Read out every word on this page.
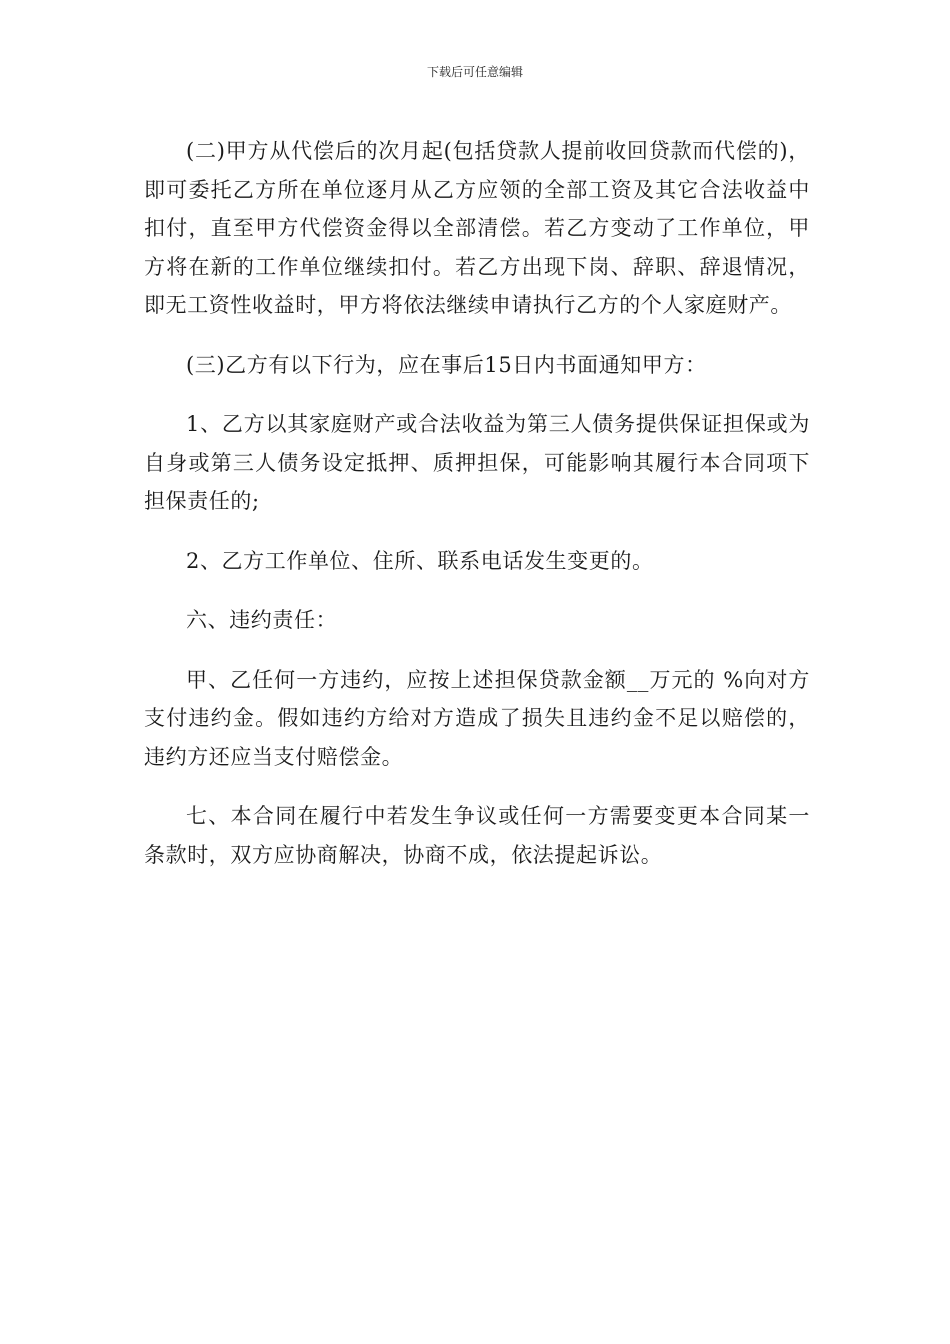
下载后可任意编辑

(二)甲方从代偿后的次月起(包括贷款人提前收回贷款而代偿的)，即可委托乙方所在单位逐月从乙方应领的全部工资及其它合法收益中扣付，直至甲方代偿资金得以全部清偿。若乙方变动了工作单位，甲方将在新的工作单位继续扣付。若乙方出现下岗、辞职、辞退情况，即无工资性收益时，甲方将依法继续申请执行乙方的个人家庭财产。

(三)乙方有以下行为，应在事后15日内书面通知甲方：

1、乙方以其家庭财产或合法收益为第三人债务提供保证担保或为自身或第三人债务设定抵押、质押担保，可能影响其履行本合同项下担保责任的;

2、乙方工作单位、住所、联系电话发生变更的。

六、违约责任：

甲、乙任何一方违约，应按上述担保贷款金额__万元的 %向对方支付违约金。假如违约方给对方造成了损失且违约金不足以赔偿的，违约方还应当支付赔偿金。

七、本合同在履行中若发生争议或任何一方需要变更本合同某一条款时，双方应协商解决，协商不成，依法提起诉讼。
